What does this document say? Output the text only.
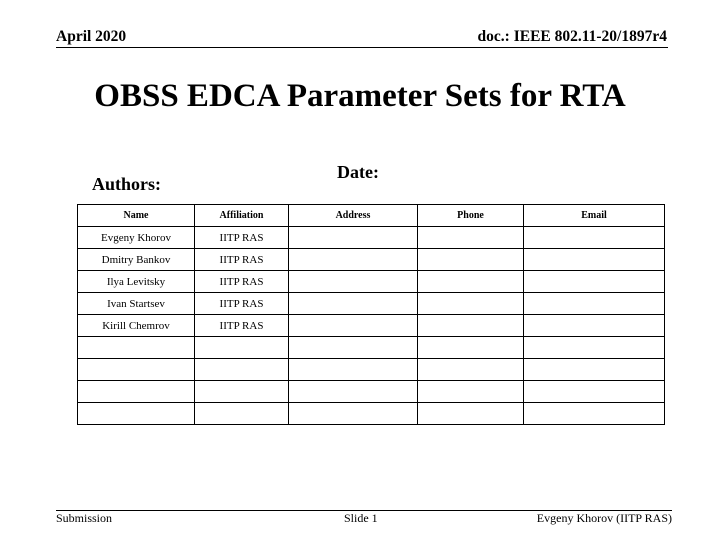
April 2020	doc.: IEEE 802.11-20/1897r4
OBSS EDCA Parameter Sets for RTA
Date:
Authors:
Name	Affiliation	Address	Phone	Email
Evgeny Khorov	IITP RAS			
Dmitry Bankov	IITP RAS			
Ilya Levitsky	IITP RAS			
Ivan Startsev	IITP RAS			
Kirill Chemrov	IITP RAS			

Submission	Slide 1	Evgeny Khorov (IITP RAS)
